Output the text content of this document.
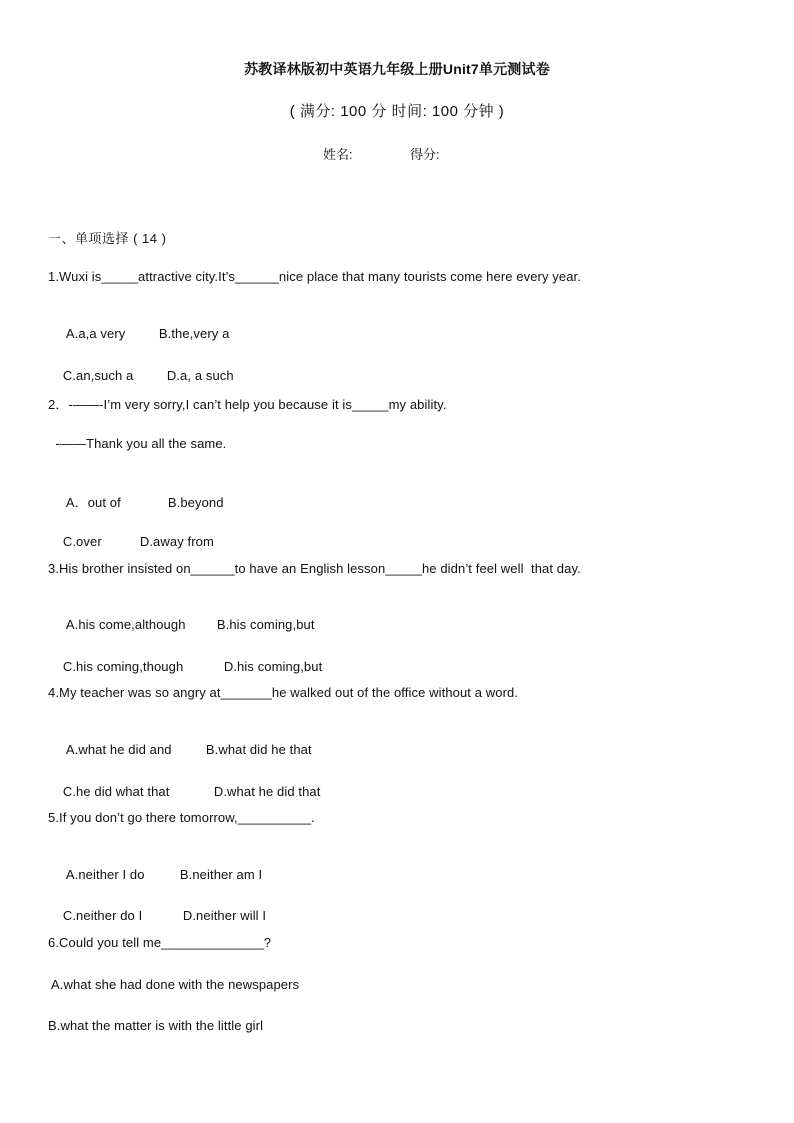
苏教译林版初中英语九年级上册Unit7单元测试卷
( 满分: 100 分 时间: 100 分钟 )
姓名:	得分:
一、单项选择 ( 14 )
1.Wuxi is_____attractive city.It’s______nice place that many tourists come here every year.

A.a,a very	B.the,very a

C.an,such a	D.a, a such

2．-——-I’m very sorry,I can’t help you because it is_____my ability.
-——Thank you all the same.

A．out of	B.beyond

C.over	D.away from

3.His brother insisted on______to have an English lesson_____he didn’t feel well  that day.

A.his come,although B.his coming,but

C.his coming,though	D.his coming,but

4.My teacher was so angry at_______he walked out of the office without a word.

A.what he did and	B.what did he that

C.he did what that	D.what he did that

5.If you don’t go there tomorrow,__________.

A.neither I do	B.neither am I

C.neither do I	D.neither will I

6.Could you tell me______________?
A.what she had done with the newspapers
B.what the matter is with the little girl
